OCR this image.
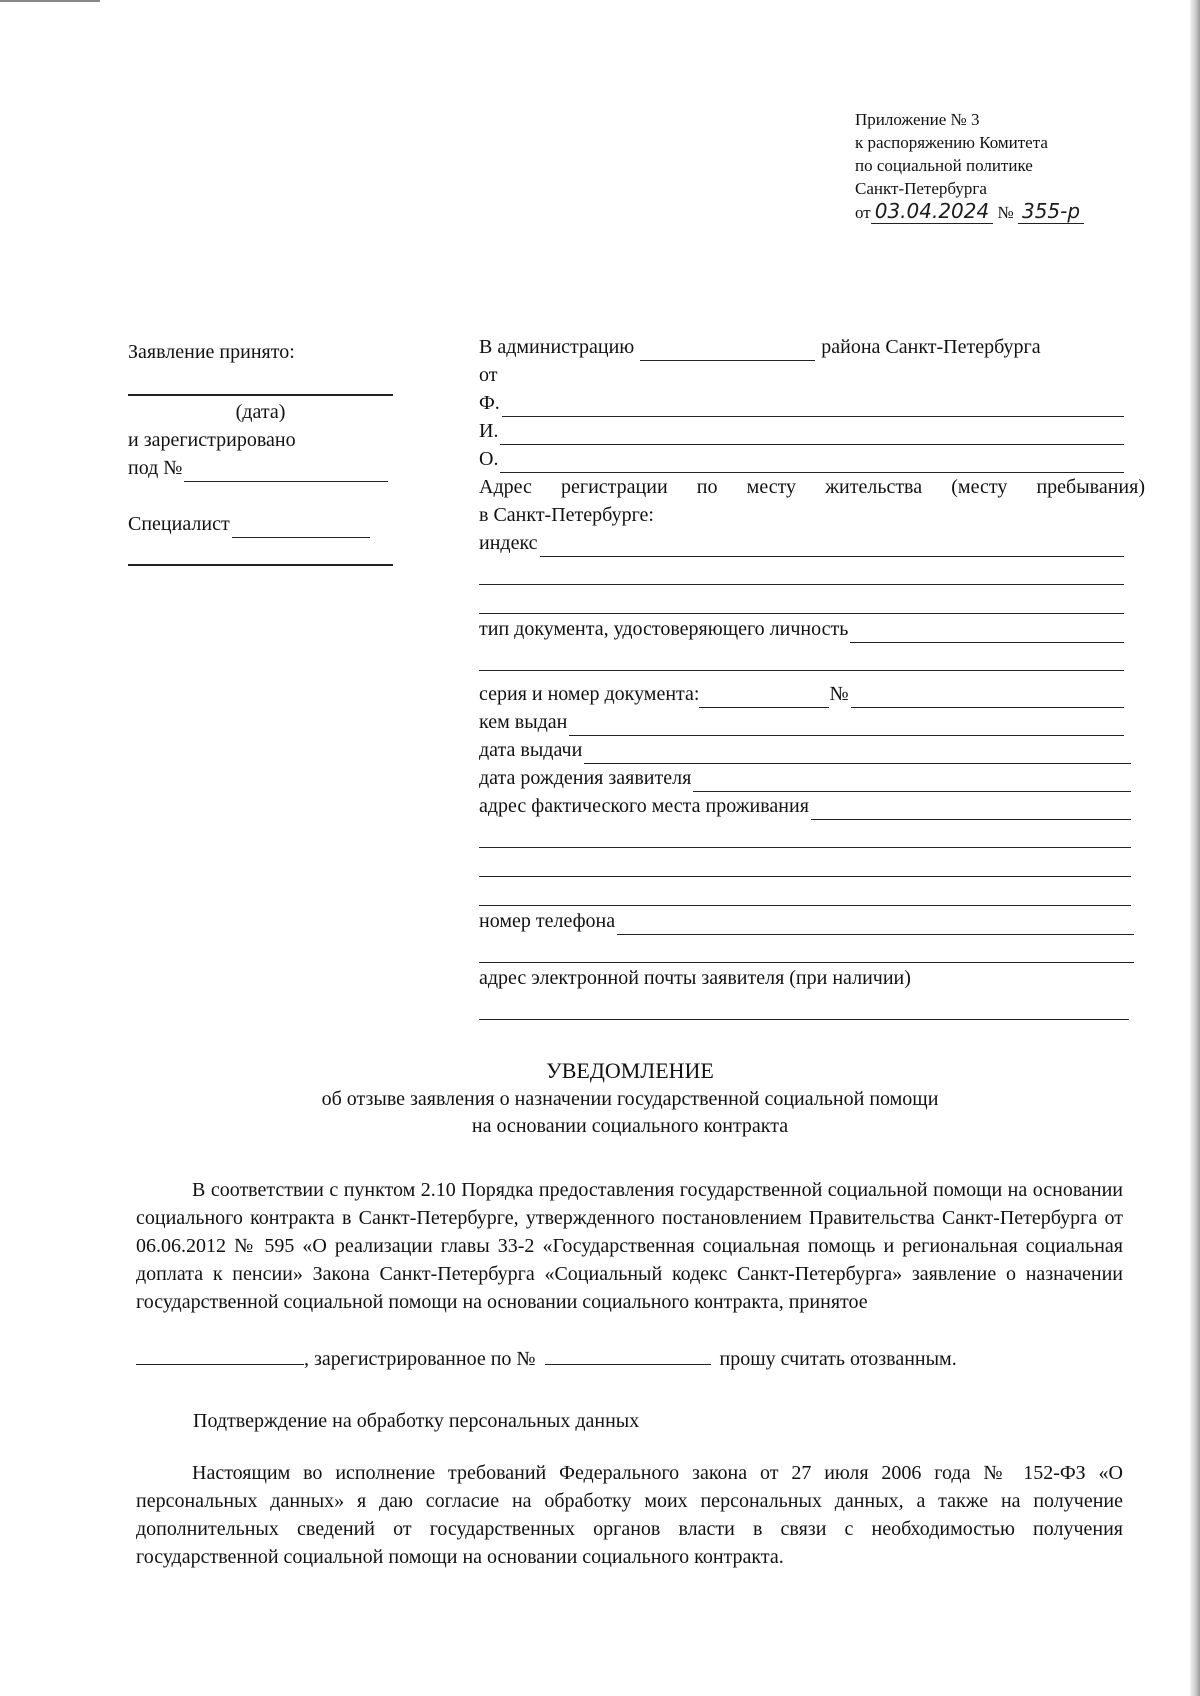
Приложение № 3
к распоряжению Комитета
по социальной политике
Санкт-Петербурга
от 03.04.2024 № 355-р
Заявление принято:
(дата)
и зарегистрировано
под №
Специалист
В администрацию	района Санкт-Петербурга
от
Ф.
И.
О.
Адрес регистрации по месту жительства (месту пребывания)
в Санкт-Петербурге:
индекс
тип документа, удостоверяющего личность
серия и номер документа:	№
кем выдан
дата выдачи
дата рождения заявителя
адрес фактического места проживания
номер телефона
адрес электронной почты заявителя (при наличии)
УВЕДОМЛЕНИЕ
об отзыве заявления о назначении государственной социальной помощи
на основании социального контракта
В соответствии с пунктом 2.10 Порядка предоставления государственной социальной помощи на основании социального контракта в Санкт-Петербурге, утвержденного постановлением Правительства Санкт-Петербурга от 06.06.2012 № 595 «О реализации главы 33-2 «Государственная социальная помощь и региональная социальная доплата к пенсии» Закона Санкт-Петербурга «Социальный кодекс Санкт-Петербурга» заявление о назначении государственной социальной помощи на основании социального контракта, принятое
, зарегистрированное по №	прошу считать отозванным.
Подтверждение на обработку персональных данных
Настоящим во исполнение требований Федерального закона от 27 июля 2006 года № 152-ФЗ «О персональных данных» я даю согласие на обработку моих персональных данных, а также на получение дополнительных сведений от государственных органов власти в связи с необходимостью получения государственной социальной помощи на основании социального контракта.
